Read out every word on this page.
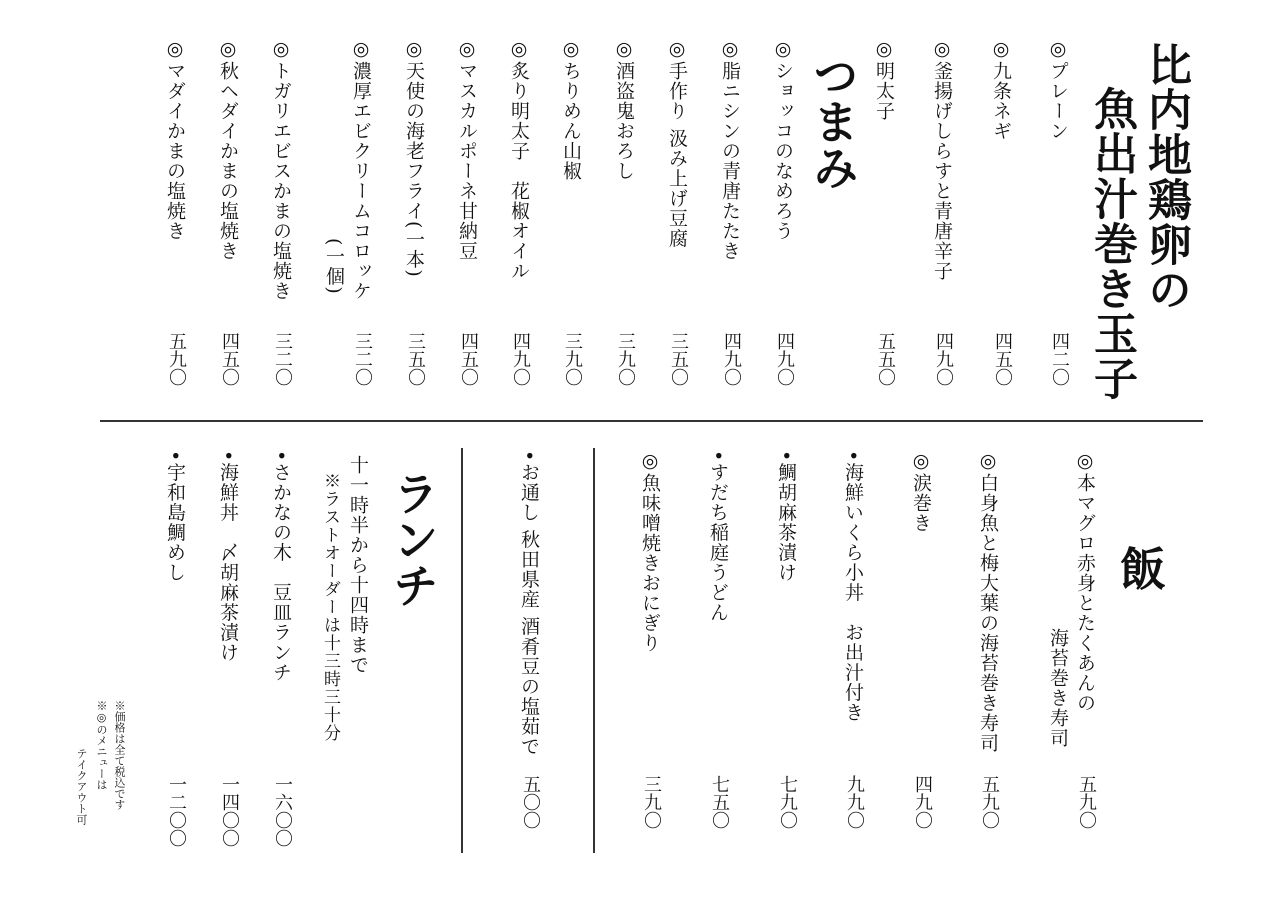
比内地鶏卵の
魚出汁巻き玉子
◎プレーン
四二〇
◎九条ネギ
四五〇
◎釜揚げしらすと青唐辛子
四九〇
◎明太子
五五〇
つまみ
◎ショッコのなめろう
四九〇
◎脂ニシンの青唐たたき
四九〇
◎手作り 汲み上げ豆腐
三五〇
◎酒盗鬼おろし
三九〇
◎ちりめん山椒
三九〇
◎炙り明太子　花椒オイル
四九〇
◎マスカルポーネ甘納豆
四五〇
◎天使の海老フライ(一本)
三五〇
◎濃厚エビクリームコロッケ
(一個)
三二〇
◎トガリエビスかまの塩焼き
三二〇
◎秋ヘダイかまの塩焼き
四五〇
◎マダイかまの塩焼き
五九〇
飯
◎本マグロ赤身とたくあんの
海苔巻き寿司
五九〇
◎白身魚と梅大葉の海苔巻き寿司
五九〇
◎涙巻き
四九〇
•海鮮いくら小丼　お出汁付き
九九〇
•鯛胡麻茶漬け
七九〇
•すだち稲庭うどん
七五〇
◎魚味噌焼きおにぎり
三九〇
•お通し 秋田県産 酒肴豆の塩茹で
五〇〇
ランチ
十一時半から十四時まで
※ラストオーダーは十三時三十分
•さかなの木　豆皿ランチ
一六〇〇
•海鮮丼　〆胡麻茶漬け
一四〇〇
•宇和島鯛めし
一二〇〇
※価格は全て税込です
※◎のメニューは
テイクアウト可
